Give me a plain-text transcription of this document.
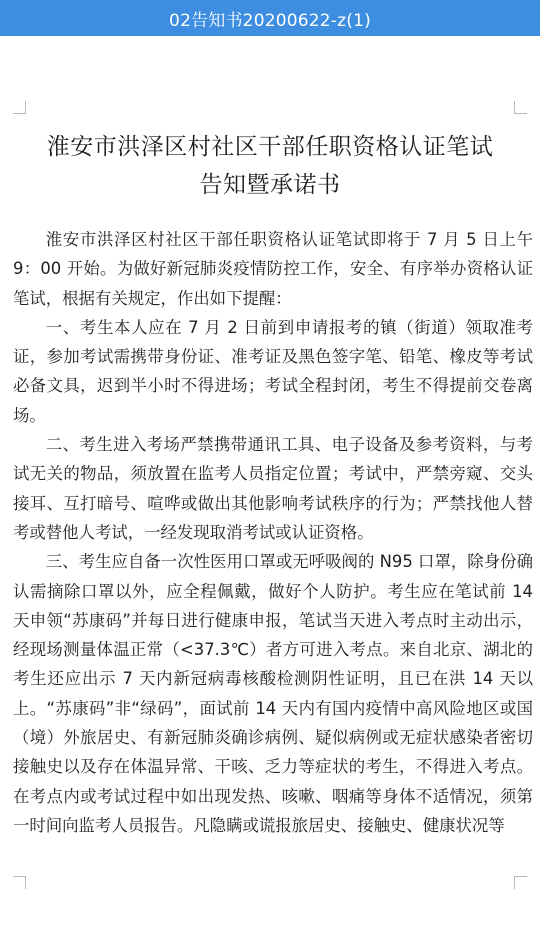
02告知书20200622-z(1)
淮安市洪泽区村社区干部任职资格认证笔试
告知暨承诺书

淮安市洪泽区村社区干部任职资格认证笔试即将于 7 月 5 日上午 9：00 开始。为做好新冠肺炎疫情防控工作，安全、有序举办资格认证笔试，根据有关规定，作出如下提醒：

一、考生本人应在 7 月 2 日前到申请报考的镇（街道）领取准考证，参加考试需携带身份证、准考证及黑色签字笔、铅笔、橡皮等考试必备文具，迟到半小时不得进场；考试全程封闭，考生不得提前交卷离场。

二、考生进入考场严禁携带通讯工具、电子设备及参考资料，与考试无关的物品，须放置在监考人员指定位置；考试中，严禁旁窥、交头接耳、互打暗号、喧哗或做出其他影响考试秩序的行为；严禁找他人替考或替他人考试，一经发现取消考试或认证资格。

三、考生应自备一次性医用口罩或无呼吸阀的 N95 口罩，除身份确认需摘除口罩以外，应全程佩戴，做好个人防护。考生应在笔试前 14 天申领“苏康码”并每日进行健康申报，笔试当天进入考点时主动出示，经现场测量体温正常（<37.3℃）者方可进入考点。来自北京、湖北的考生还应出示 7 天内新冠病毒核酸检测阴性证明，且已在洪 14 天以上。“苏康码”非“绿码”，面试前 14 天内有国内疫情中高风险地区或国（境）外旅居史、有新冠肺炎确诊病例、疑似病例或无症状感染者密切接触史以及存在体温异常、干咳、乏力等症状的考生，不得进入考点。在考点内或考试过程中如出现发热、咳嗽、咽痛等身体不适情况，须第一时间向监考人员报告。凡隐瞒或谎报旅居史、接触史、健康状况等
